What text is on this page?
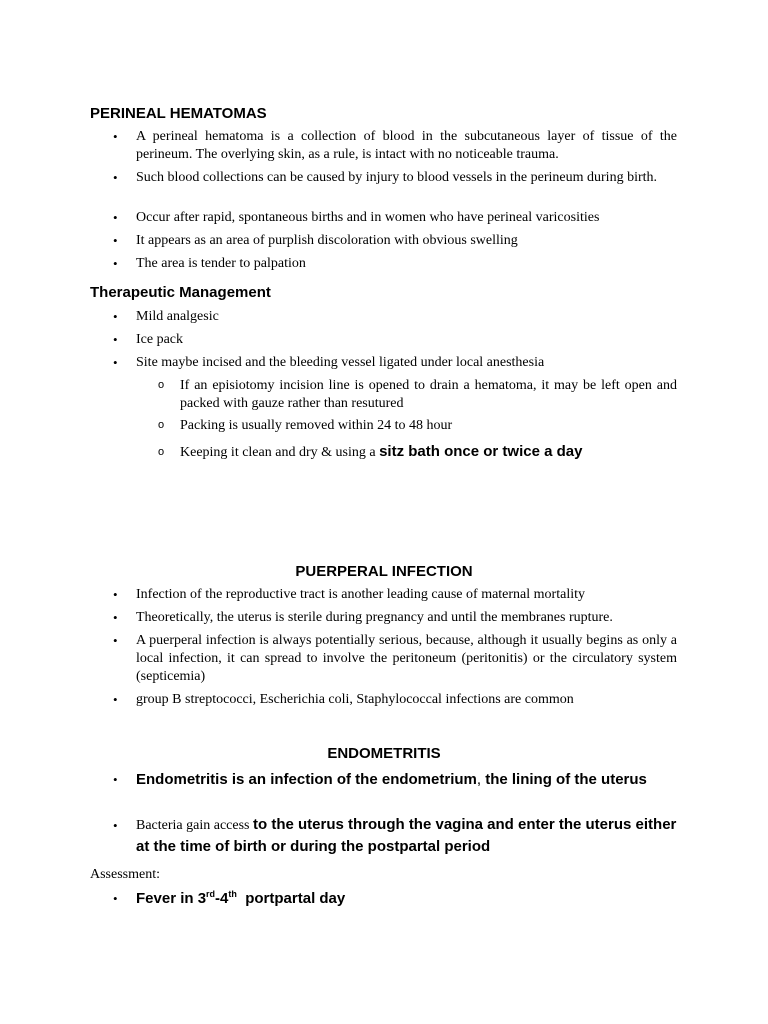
PERINEAL HEMATOMAS
• A perineal hematoma is a collection of blood in the subcutaneous layer of tissue of the perineum. The overlying skin, as a rule, is intact with no noticeable trauma.
• Such blood collections can be caused by injury to blood vessels in the perineum during birth.
• Occur after rapid, spontaneous births and in women who have perineal varicosities
• It appears as an area of purplish discoloration with obvious swelling
• The area is tender to palpation
Therapeutic Management
• Mild analgesic
• Ice pack
• Site maybe incised and the bleeding vessel ligated under local anesthesia
o If an episiotomy incision line is opened to drain a hematoma, it may be left open and packed with gauze rather than resutured
o Packing is usually removed within 24 to 48 hour
o Keeping it clean and dry & using a sitz bath once or twice a day
PUERPERAL INFECTION
• Infection of the reproductive tract is another leading cause of maternal mortality
• Theoretically, the uterus is sterile during pregnancy and until the membranes rupture.
• A puerperal infection is always potentially serious, because, although it usually begins as only a local infection, it can spread to involve the peritoneum (peritonitis) or the circulatory system (septicemia)
• group B streptococci, Escherichia coli, Staphylococcal infections are common
ENDOMETRITIS
• Endometritis is an infection of the endometrium, the lining of the uterus
• Bacteria gain access to the uterus through the vagina and enter the uterus either at the time of birth or during the postpartal period
Assessment:
• Fever in 3rd-4th  portpartal day
